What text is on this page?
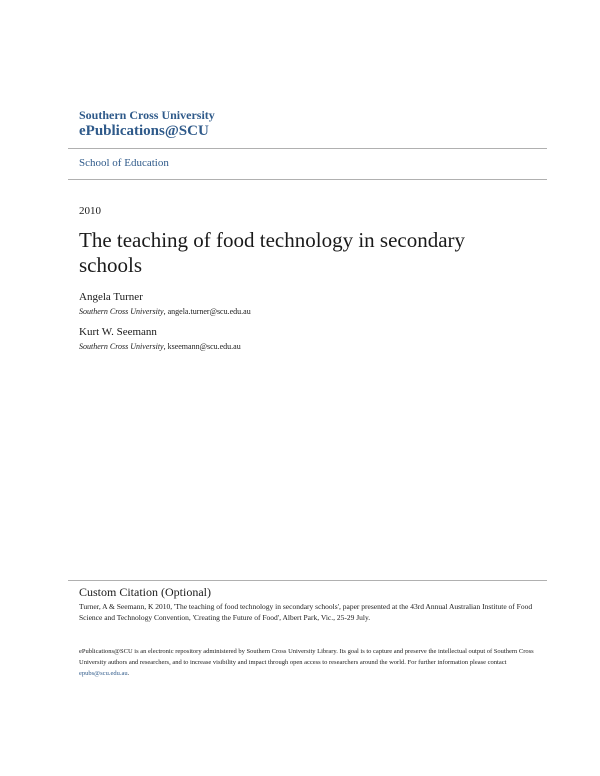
Southern Cross University
ePublications@SCU
School of Education
2010
The teaching of food technology in secondary schools
Angela Turner
Southern Cross University, angela.turner@scu.edu.au
Kurt W. Seemann
Southern Cross University, kseemann@scu.edu.au
Custom Citation (Optional)
Turner, A & Seemann, K 2010, 'The teaching of food technology in secondary schools', paper presented at the 43rd Annual Australian Institute of Food Science and Technology Convention, 'Creating the Future of Food', Albert Park, Vic., 25-29 July.
ePublications@SCU is an electronic repository administered by Southern Cross University Library. Its goal is to capture and preserve the intellectual output of Southern Cross University authors and researchers, and to increase visibility and impact through open access to researchers around the world. For further information please contact epubs@scu.edu.au.
